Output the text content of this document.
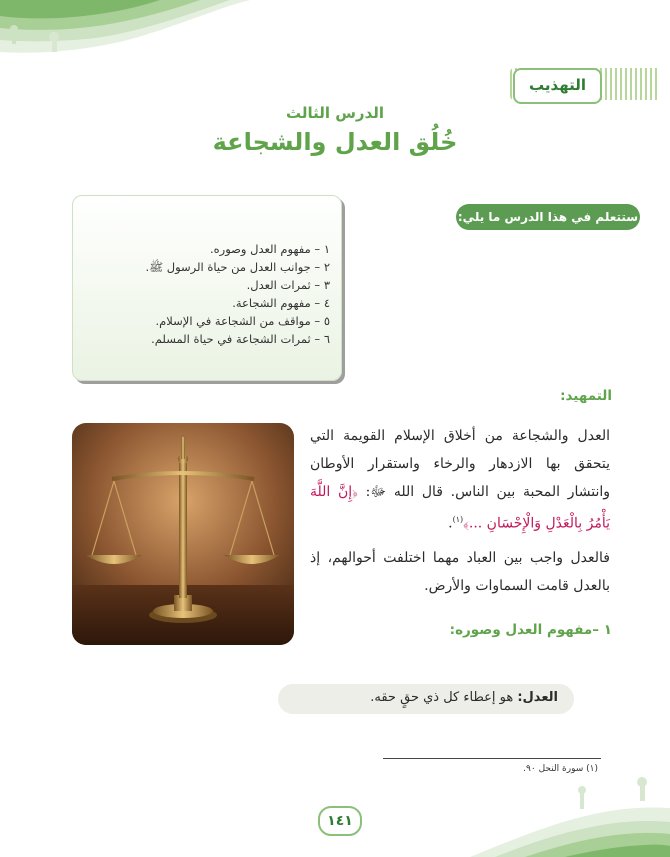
التهذيب
الدرس الثالث
خُلُق العدل والشجاعة
ستتعلم في هذا الدرس ما يلي:
١ – مفهوم العدل وصوره.
٢ – جوانب العدل من حياة الرسول ﷺ.
٣ – ثمرات العدل.
٤ – مفهوم الشجاعة.
٥ – مواقف من الشجاعة في الإسلام.
٦ – ثمرات الشجاعة في حياة المسلم.
التمهيد:
العدل والشجاعة من أخلاق الإسلام القويمة التي يتحقق بها الازدهار والرخاء واستقرار الأوطان وانتشار المحبة بين الناس. قال الله ﷻ: ﴿إِنَّ اللَّهَ يَأْمُرُ بِالْعَدْلِ وَالْإِحْسَانِ ...﴾$^{(١)}$.
فالعدل واجب بين العباد مهما اختلفت أحوالهم، إذ بالعدل قامت السماوات والأرض.
١ –مفهوم العدل وصوره:
العدل: هو إعطاء كل ذي حقٍ حقه.
(١) سورة النحل ٩٠.
١٤١
